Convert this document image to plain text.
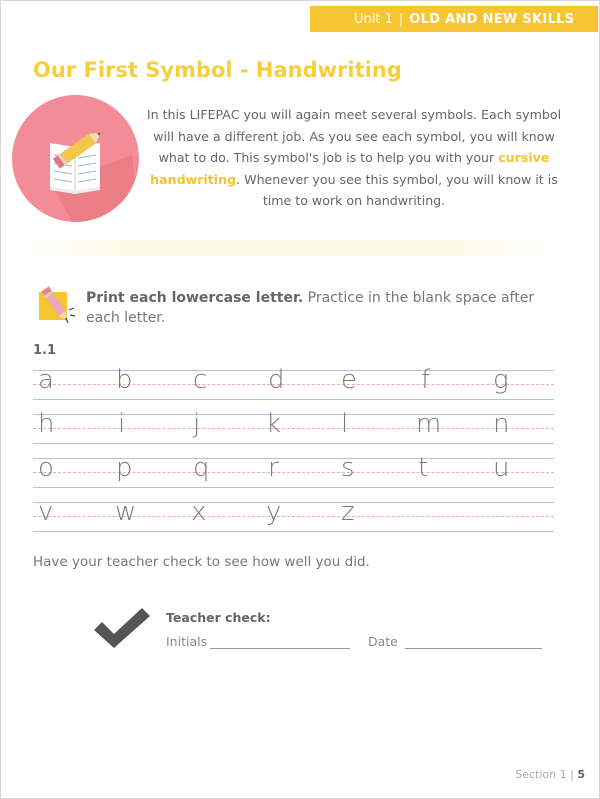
Unit 1 | OLD AND NEW SKILLS
Our First Symbol - Handwriting
In this LIFEPAC you will again meet several symbols. Each symbol will have a different job. As you see each symbol, you will know what to do. This symbol's job is to help you with your cursive handwriting. Whenever you see this symbol, you will know it is time to work on handwriting.
Print each lowercase letter. Practice in the blank space after each letter.
1.1
a b c d e f g
h i	j	k l	m n
o p q r s t u
v w x y z
Have your teacher check to see how well you did.
Teacher check:
Initials	Date
Section 1 | 5
